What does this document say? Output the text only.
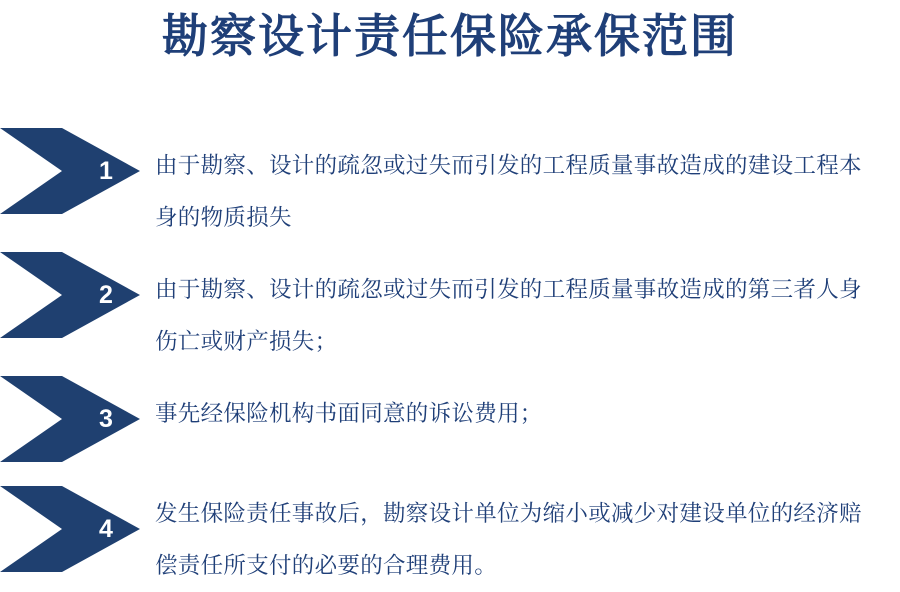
勘察设计责任保险承保范围
1	由于勘察、设计的疏忽或过失而引发的工程质量事故造成的建设工程本身的物质损失
2	由于勘察、设计的疏忽或过失而引发的工程质量事故造成的第三者人身伤亡或财产损失；
3	事先经保险机构书面同意的诉讼费用；
4
发生保险责任事故后，勘察设计单位为缩小或减少对建设单位的经济赔偿责任所支付的必要的合理费用。
